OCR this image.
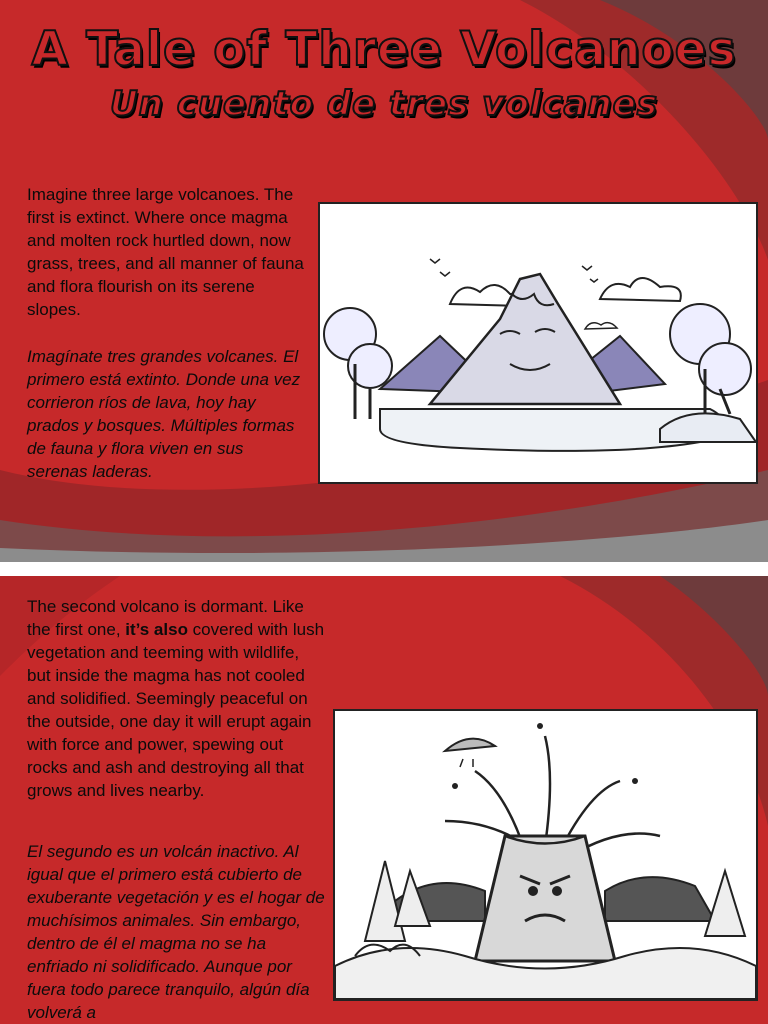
A Tale of Three Volcanoes
Un cuento de tres volcanes

Imagine three large volcanoes. The first is extinct. Where once magma and molten rock hurtled down, now grass, trees, and all manner of fauna and flora flourish on its serene slopes.

Imagínate tres grandes volcanes. El primero está extinto. Donde una vez corrieron ríos de lava, hoy hay prados y bosques. Múltiples formas de fauna y flora viven en sus serenas laderas.

The second volcano is dormant. Like the first one, it’s also covered with lush vegetation and teeming with wildlife, but inside the magma has not cooled and solidified. Seemingly peaceful on the outside, one day it will erupt again with force and power, spewing out rocks and ash and destroying all that grows and lives nearby.

El segundo es un volcán inactivo. Al igual que el primero está cubierto de exuberante vegetación y es el hogar de muchísimos animales. Sin embargo, dentro de él el magma no se ha enfriado ni solidificado. Aunque por fuera todo parece tranquilo, algún día volverá a
